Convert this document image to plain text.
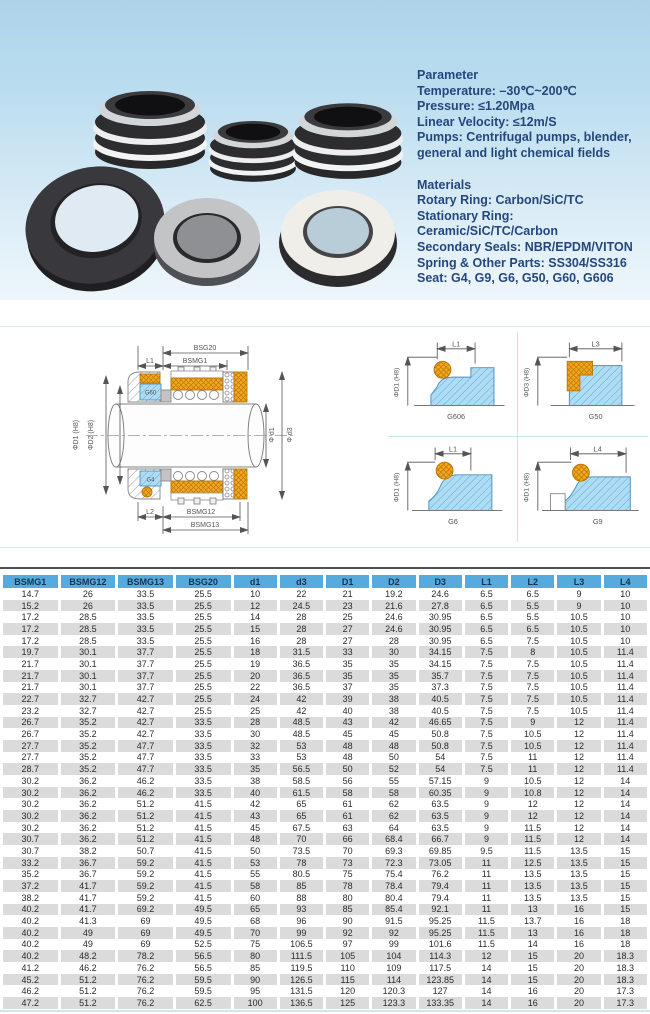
Parameter
Temperature: –30℃~200℃
Pressure: ≤1.20Mpa
Linear Velocity: ≤12m/S
Pumps: Centrifugal pumps, blender,
general and light chemical fields
Materials
Rotary Ring: Carbon/SiC/TC
Stationary Ring: Ceramic/SiC/TC/Carbon
Secondary Seals: NBR/EPDM/VITON
Spring & Other Parts: SS304/SS316
Seat: G4, G9, G6, G50, G60, G606
BSG20
BSMG1
L1
G60
G4
ΦD1 (H8) ΦD2 (H8)	Φ d1 Φ d3
L2	BSMG12
BSMG13
L1
ΦD1 (H8)
G606
L3
ΦD3 (H8)
G50
L1
ΦD1 (H8)
G6
L4
ΦD1 (H8)
G9
BSMG1	BSMG12	BSMG13	BSG20	d1	d3	D1	D2	D3	L1	L2	L3	L4
14.7	26	33.5	25.5	10	22	21	19.2	24.6	6.5	6.5	9	10
15.2	26	33.5	25.5	12	24.5	23	21.6	27.8	6.5	5.5	9	10
17.2	28.5	33.5	25.5	14	28	25	24.6	30.95	6.5	5.5	10.5	10
17.2	28.5	33.5	25.5	15	28	27	24.6	30.95	6.5	6.5	10.5	10
17.2	28.5	33.5	25.5	16	28	27	28	30.95	6.5	7.5	10.5	10
19.7	30.1	37.7	25.5	18	31.5	33	30	34.15	7.5	8	10.5	11.4
21.7	30.1	37.7	25.5	19	36.5	35	35	34.15	7.5	7.5	10.5	11.4
21.7	30.1	37.7	25.5	20	36.5	35	35	35.7	7.5	7.5	10.5	11.4
21.7	30.1	37.7	25.5	22	36.5	37	35	37.3	7.5	7.5	10.5	11.4
22.7	32.7	42.7	25.5	24	42	39	38	40.5	7.5	7.5	10.5	11.4
23.2	32.7	42.7	25.5	25	42	40	38	40.5	7.5	7.5	10.5	11.4
26.7	35.2	42.7	33.5	28	48.5	43	42	46.65	7.5	9	12	11.4
26.7	35.2	42.7	33.5	30	48.5	45	45	50.8	7.5	10.5	12	11.4
27.7	35.2	47.7	33.5	32	53	48	48	50.8	7.5	10.5	12	11.4
27.7	35.2	47.7	33.5	33	53	48	50	54	7.5	11	12	11.4
28.7	35.2	47.7	33.5	35	56.5	50	52	54	7.5	11	12	11.4
30.2	36.2	46.2	33.5	38	58.5	56	55	57.15	9	10.5	12	14
30.2	36.2	46.2	33.5	40	61.5	58	58	60.35	9	10.8	12	14
30.2	36.2	51.2	41.5	42	65	61	62	63.5	9	12	12	14
30.2	36.2	51.2	41.5	43	65	61	62	63.5	9	12	12	14
30.2	36.2	51.2	41.5	45	67.5	63	64	63.5	9	11.5	12	14
30.7	36.2	51.2	41.5	48	70	66	68.4	66.7	9	11.5	12	14
30.7	38.2	50.7	41.5	50	73.5	70	69.3	69.85	9.5	11.5	13.5	15
33.2	36.7	59.2	41.5	53	78	73	72.3	73.05	11	12.5	13.5	15
35.2	36.7	59.2	41.5	55	80.5	75	75.4	76.2	11	13.5	13.5	15
37.2	41.7	59.2	41.5	58	85	78	78.4	79.4	11	13.5	13.5	15
38.2	41.7	59.2	41.5	60	88	80	80.4	79.4	11	13.5	13.5	15
40.2	41.7	69.2	49.5	65	93	85	85.4	92.1	11	13	16	15
40.2	41.3	69	49.5	68	96	90	91.5	95.25	11.5	13.7	16	18
40.2	49	69	49.5	70	99	92	92	95.25	11.5	13	16	18
40.2	49	69	52.5	75	106.5	97	99	101.6	11.5	14	16	18
40.2	48.2	78.2	56.5	80	111.5	105	104	114.3	12	15	20	18.3
41.2	46.2	76.2	56.5	85	119.5	110	109	117.5	14	15	20	18.3
45.2	51.2	76.2	59.5	90	126.5	115	114	123.85	14	15	20	18.3
46.2	51.2	76.2	59.5	95	131.5	120	120.3	127	14	16	20	17.3
47.2	51.2	76.2	62.5	100	136.5	125	123.3	133.35	14	16	20	17.3
